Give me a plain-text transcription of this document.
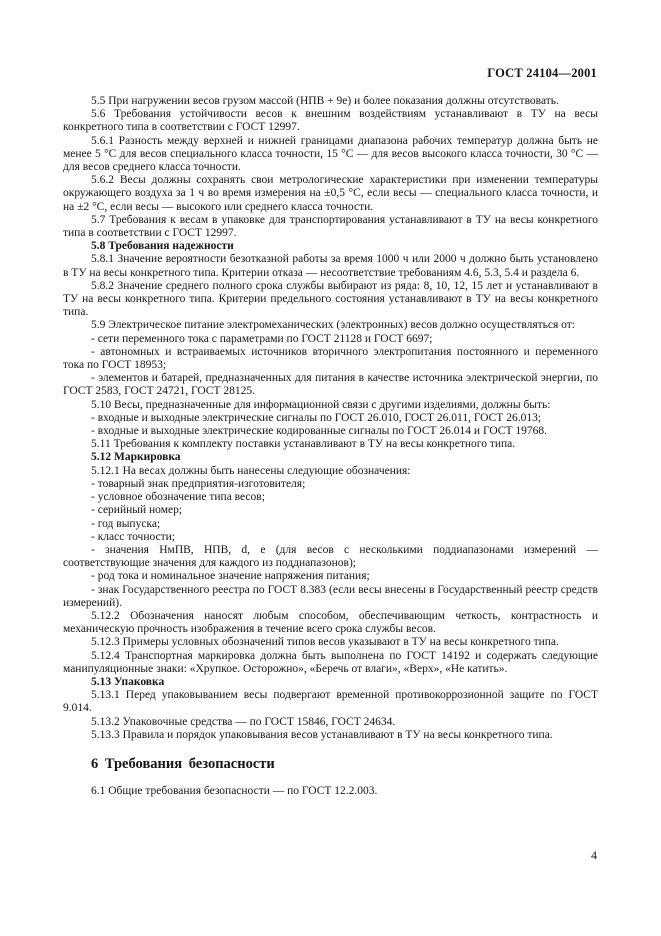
ГОСТ 24104—2001

5.5 При нагружении весов грузом массой (НПВ + 9e) и более показания должны отсутствовать.

5.6 Требования устойчивости весов к внешним воздействиям устанавливают в ТУ на весы конкретного типа в соответствии с ГОСТ 12997.

5.6.1 Разность между верхней и нижней границами диапазона рабочих температур должна быть не менее 5 °С для весов специального класса точности, 15 °С — для весов высокого класса точности, 30 °С — для весов среднего класса точности.

5.6.2 Весы должны сохранять свои метрологические характеристики при изменении температуры окружающего воздуха за 1 ч во время измерения на ±0,5 °С, если весы — специального класса точности, и на ±2 °С, если весы — высокого или среднего класса точности.

5.7 Требования к весам в упаковке для транспортирования устанавливают в ТУ на весы конкретного типа в соответствии с ГОСТ 12997.

5.8 Требования надежности

5.8.1 Значение вероятности безотказной работы за время 1000 ч или 2000 ч должно быть установлено в ТУ на весы конкретного типа. Критерии отказа — несоответствие требованиям 4.6, 5.3, 5.4 и раздела 6.

5.8.2 Значение среднего полного срока службы выбирают из ряда: 8, 10, 12, 15 лет и устанавливают в ТУ на весы конкретного типа. Критерии предельного состояния устанавливают в ТУ на весы конкретного типа.

5.9 Электрическое питание электромеханических (электронных) весов должно осуществляться от:

- сети переменного тока с параметрами по ГОСТ 21128 и ГОСТ 6697;

- автономных и встраиваемых источников вторичного электропитания постоянного и переменного тока по ГОСТ 18953;

- элементов и батарей, предназначенных для питания в качестве источника электрической энергии, по ГОСТ 2583, ГОСТ 24721, ГОСТ 28125.

5.10 Весы, предназначенные для информационной связи с другими изделиями, должны быть:

- входные и выходные электрические сигналы по ГОСТ 26.010, ГОСТ 26.011, ГОСТ 26.013;

- входные и выходные электрические кодированные сигналы по ГОСТ 26.014 и ГОСТ 19768.

5.11 Требования к комплекту поставки устанавливают в ТУ на весы конкретного типа.

5.12 Маркировка

5.12.1 На весах должны быть нанесены следующие обозначения:

- товарный знак предприятия-изготовителя;

- условное обозначение типа весов;

- серийный номер;

- год выпуска;

- класс точности;

- значения НмПВ, НПВ, d, e (для весов с несколькими поддиапазонами измерений — соответствующие значения для каждого из поддиапазонов);

- род тока и номинальное значение напряжения питания;

- знак Государственного реестра по ГОСТ 8.383 (если весы внесены в Государственный реестр средств измерений).

5.12.2 Обозначения наносят любым способом, обеспечивающим четкость, контрастность и механическую прочность изображения в течение всего срока службы весов.

5.12.3 Примеры условных обозначений типов весов указывают в ТУ на весы конкретного типа.

5.12.4 Транспортная маркировка должна быть выполнена по ГОСТ 14192 и содержать следующие манипуляционные знаки: «Хрупкое. Осторожно», «Беречь от влаги», «Верх», «Не катить».

5.13 Упаковка

5.13.1 Перед упаковыванием весы подвергают временной противокоррозионной защите по ГОСТ 9.014.

5.13.2 Упаковочные средства — по ГОСТ 15846, ГОСТ 24634.

5.13.3 Правила и порядок упаковывания весов устанавливают в ТУ на весы конкретного типа.

6 Требования безопасности

6.1 Общие требования безопасности — по ГОСТ 12.2.003.

4
